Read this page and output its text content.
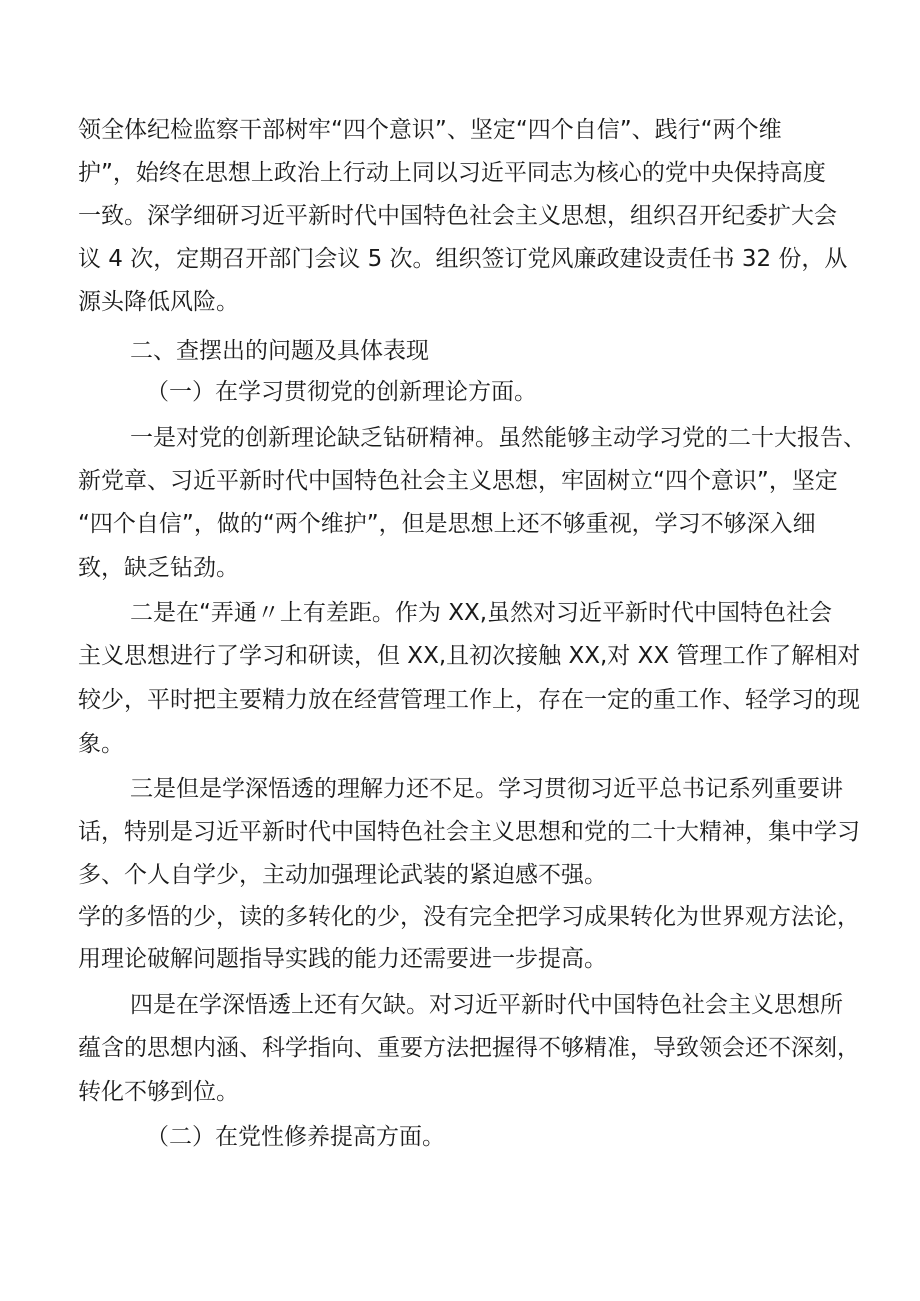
领全体纪检监察干部树牢“四个意识”、坚定“四个自信”、践行“两个维
护”，始终在思想上政治上行动上同以习近平同志为核心的党中央保持高度
一致。深学细研习近平新时代中国特色社会主义思想，组织召开纪委扩大会
议 4 次，定期召开部门会议 5 次。组织签订党风廉政建设责任书 32 份，从
源头降低风险。
二、查摆出的问题及具体表现
（一）在学习贯彻党的创新理论方面。
一是对党的创新理论缺乏钻研精神。虽然能够主动学习党的二十大报告、
新党章、习近平新时代中国特色社会主义思想，牢固树立“四个意识”，坚定
“四个自信”，做的“两个维护”，但是思想上还不够重视，学习不够深入细
致，缺乏钻劲。
二是在“弄通〃上有差距。作为 XX,虽然对习近平新时代中国特色社会
主义思想进行了学习和研读，但 XX,且初次接触 XX,对 XX 管理工作了解相对
较少，平时把主要精力放在经营管理工作上，存在一定的重工作、轻学习的现
象。
三是但是学深悟透的理解力还不足。学习贯彻习近平总书记系列重要讲
话，特别是习近平新时代中国特色社会主义思想和党的二十大精神，集中学习
多、个人自学少，主动加强理论武装的紧迫感不强。
学的多悟的少，读的多转化的少，没有完全把学习成果转化为世界观方法论，
用理论破解问题指导实践的能力还需要进一步提高。
四是在学深悟透上还有欠缺。对习近平新时代中国特色社会主义思想所
蕴含的思想内涵、科学指向、重要方法把握得不够精准，导致领会还不深刻，
转化不够到位。
（二）在党性修养提高方面。
